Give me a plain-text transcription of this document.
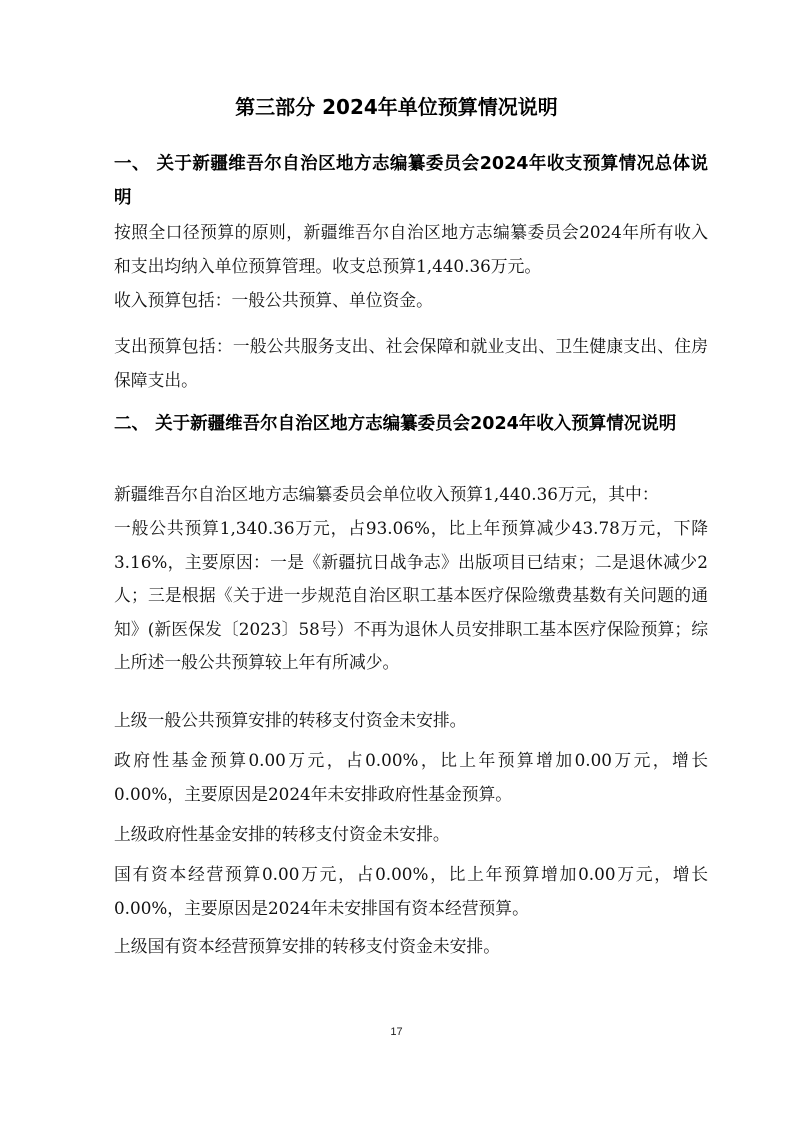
第三部分 2024年单位预算情况说明

一、 关于新疆维吾尔自治区地方志编纂委员会2024年收支预算情况总体说明

按照全口径预算的原则，新疆维吾尔自治区地方志编纂委员会2024年所有收入和支出均纳入单位预算管理。收支总预算1,440.36万元。

收入预算包括：一般公共预算、单位资金。

支出预算包括：一般公共服务支出、社会保障和就业支出、卫生健康支出、住房保障支出。

二、 关于新疆维吾尔自治区地方志编纂委员会2024年收入预算情况说明

新疆维吾尔自治区地方志编纂委员会单位收入预算1,440.36万元，其中：

一般公共预算1,340.36万元，占93.06%，比上年预算减少43.78万元，下降3.16%，主要原因：一是《新疆抗日战争志》出版项目已结束；二是退休减少2人；三是根据《关于进一步规范自治区职工基本医疗保险缴费基数有关问题的通知》(新医保发〔2023〕58号）不再为退休人员安排职工基本医疗保险预算；综上所述一般公共预算较上年有所减少。

上级一般公共预算安排的转移支付资金未安排。

政府性基金预算0.00万元，占0.00%，比上年预算增加0.00万元，增长0.00%，主要原因是2024年未安排政府性基金预算。

上级政府性基金安排的转移支付资金未安排。

国有资本经营预算0.00万元，占0.00%，比上年预算增加0.00万元，增长0.00%，主要原因是2024年未安排国有资本经营预算。

上级国有资本经营预算安排的转移支付资金未安排。

17
